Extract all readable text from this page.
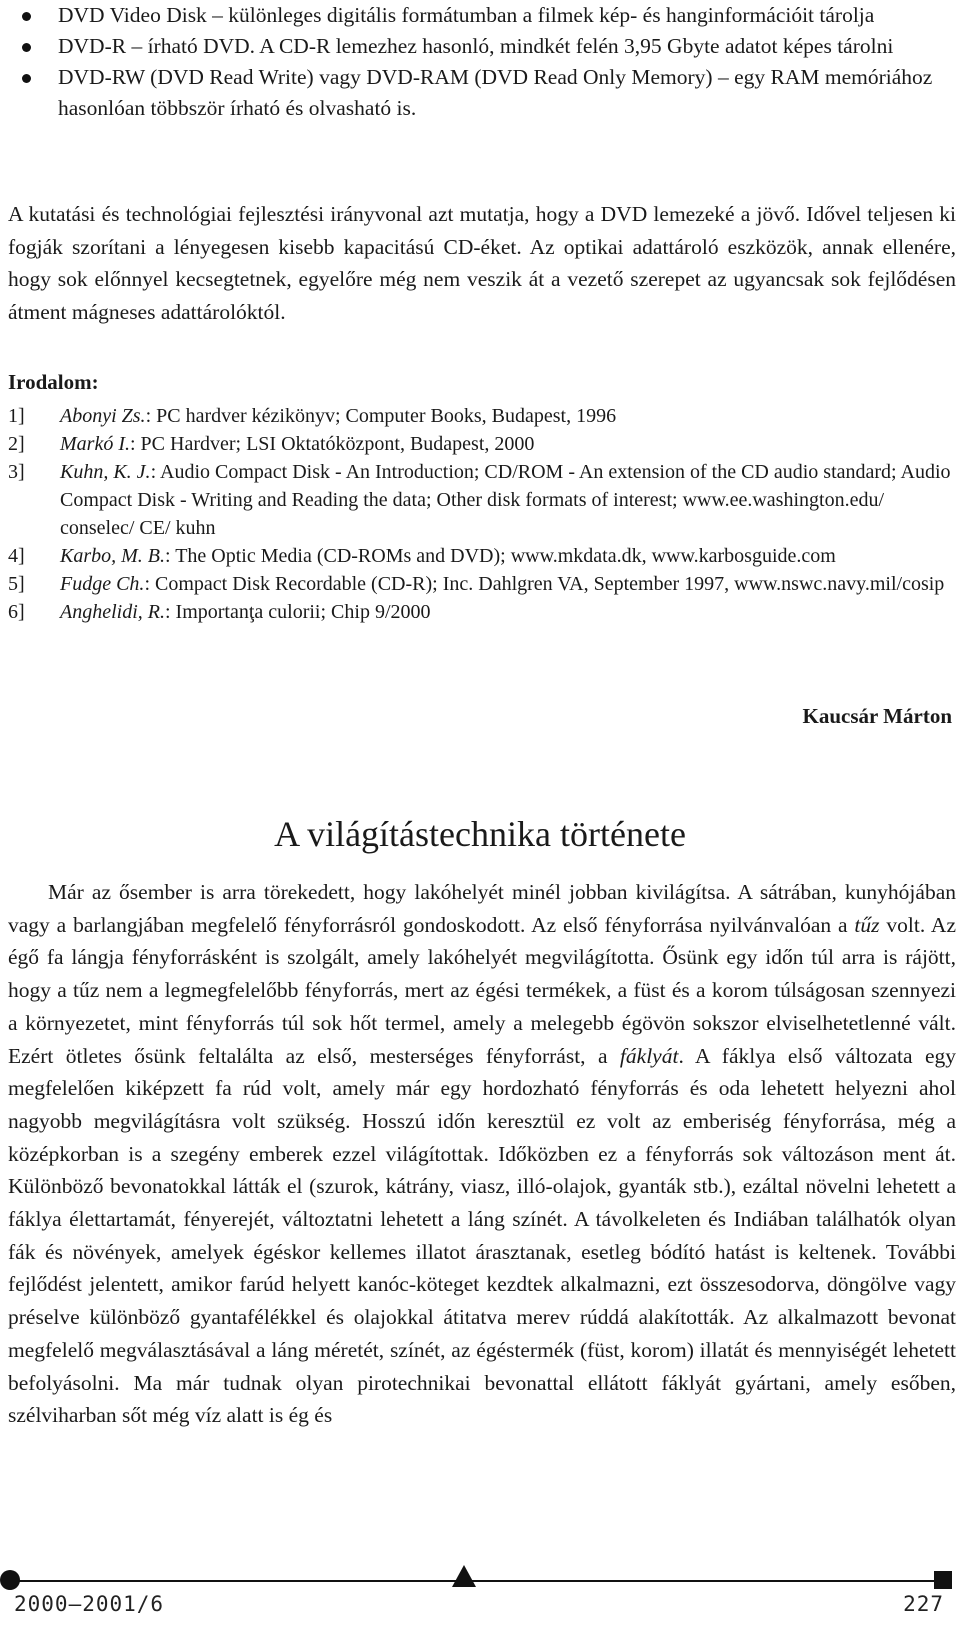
DVD Video Disk – különleges digitális formátumban a filmek kép- és hanginformációit tárolja
DVD-R – írható DVD. A CD-R lemezhez hasonló, mindkét felén 3,95 Gbyte adatot képes tárolni
DVD-RW (DVD Read Write) vagy DVD-RAM (DVD Read Only Memory) – egy RAM memóriához hasonlóan többször írható és olvasható is.

A kutatási és technológiai fejlesztési irányvonal azt mutatja, hogy a DVD lemezeké a jövő. Idővel teljesen ki fogják szorítani a lényegesen kisebb kapacitású CD-éket. Az optikai adattároló eszközök, annak ellenére, hogy sok előnnyel kecsegtetnek, egyelőre még nem veszik át a vezető szerepet az ugyancsak sok fejlődésen átment mágneses adattárolóktól.

Irodalom:
1] Abonyi Zs.: PC hardver kézikönyv; Computer Books, Budapest, 1996
2] Markó I.: PC Hardver; LSI Oktatóközpont, Budapest, 2000
3] Kuhn, K. J.: Audio Compact Disk - An Introduction; CD/ROM - An extension of the CD audio standard; Audio Compact Disk - Writing and Reading the data; Other disk formats of interest; www.ee.washington.edu/ conselec/ CE/ kuhn
4] Karbo, M. B.: The Optic Media (CD-ROMs and DVD); www.mkdata.dk, www.karbosguide.com
5] Fudge Ch.: Compact Disk Recordable (CD-R); Inc. Dahlgren VA, September 1997, www.nswc.navy.mil/cosip
6] Anghelidi, R.: Importanţa culorii; Chip 9/2000

Kaucsár Márton

A világítástechnika története

Már az ősember is arra törekedett, hogy lakóhelyét minél jobban kivilágítsa. A sátrában, kunyhójában vagy a barlangjában megfelelő fényforrásról gondoskodott. Az első fényforrása nyilvánvalóan a tűz volt. Az égő fa lángja fényforrásként is szolgált, amely lakóhelyét megvilágította. Ősünk egy időn túl arra is rájött, hogy a tűz nem a legmegfelelőbb fényforrás, mert az égési termékek, a füst és a korom túlságosan szennyezi a környezetet, mint fényforrás túl sok hőt termel, amely a melegebb égövön sokszor elviselhetetlenné vált. Ezért ötletes ősünk feltalálta az első, mesterséges fényforrást, a fáklyát. A fáklya első változata egy megfelelően kiképzett fa rúd volt, amely már egy hordozható fényforrás és oda lehetett helyezni ahol nagyobb megvilágításra volt szükség. Hosszú időn keresztül ez volt az emberiség fényforrása, még a középkorban is a szegény emberek ezzel világítottak. Időközben ez a fényforrás sok változáson ment át. Különböző bevonatokkal látták el (szurok, kátrány, viasz, illó-olajok, gyanták stb.), ezáltal növelni lehetett a fáklya élettartamát, fényerejét, változtatni lehetett a láng színét. A távolkeleten és Indiában találhatók olyan fák és növények, amelyek égéskor kellemes illatot árasztanak, esetleg bódító hatást is keltenek. További fejlődést jelentett, amikor farúd helyett kanóc-köteget kezdtek alkalmazni, ezt összesodorva, döngölve vagy préselve különböző gyantafélékkel és olajokkal átitatva merev rúddá alakították. Az alkalmazott bevonat megfelelő megválasztásával a láng méretét, színét, az égéstermék (füst, korom) illatát és mennyiségét lehetett befolyásolni. Ma már tudnak olyan pirotechnikai bevonattal ellátott fáklyát gyártani, amely esőben, szélviharban sőt még víz alatt is ég és

2000–2001/6	227
